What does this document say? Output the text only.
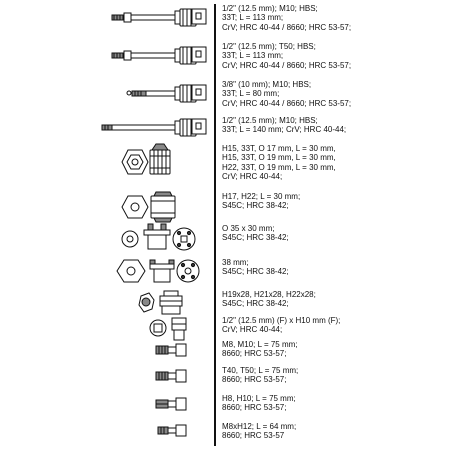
1/2" (12.5 mm); M10; HBS;
33T; L = 113 mm;
CrV; HRC 40-44 / 8660; HRC 53-57;
1/2" (12.5 mm); T50; HBS;
33T; L = 113 mm;
CrV; HRC 40-44 / 8660; HRC 53-57;
3/8" (10 mm); M10; HBS;
33T; L = 80 mm;
CrV; HRC 40-44 / 8660; HRC 53-57;
1/2" (12.5 mm); M10; HBS;
33T; L = 140 mm; CrV; HRC 40-44;
H15, 33T, O 17 mm, L = 30 mm,
H15, 33T, O 19 mm, L = 30 mm,
H22, 33T, O 19 mm, L = 30 mm,
CrV; HRC 40-44;
H17, H22; L = 30 mm;
S45C; HRC 38-42;
O 35 x 30 mm;
S45C; HRC 38-42;
38 mm;
S45C; HRC 38-42;
H19x28, H21x28, H22x28;
S45C; HRC 38-42;
1/2" (12.5 mm) (F) x H10 mm (F);
CrV; HRC 40-44;
M8, M10; L = 75 mm;
8660; HRC 53-57;
T40, T50; L = 75 mm;
8660; HRC 53-57;
H8, H10; L = 75 mm;
8660; HRC 53-57;
M8xH12; L = 64 mm;
8660; HRC 53-57
